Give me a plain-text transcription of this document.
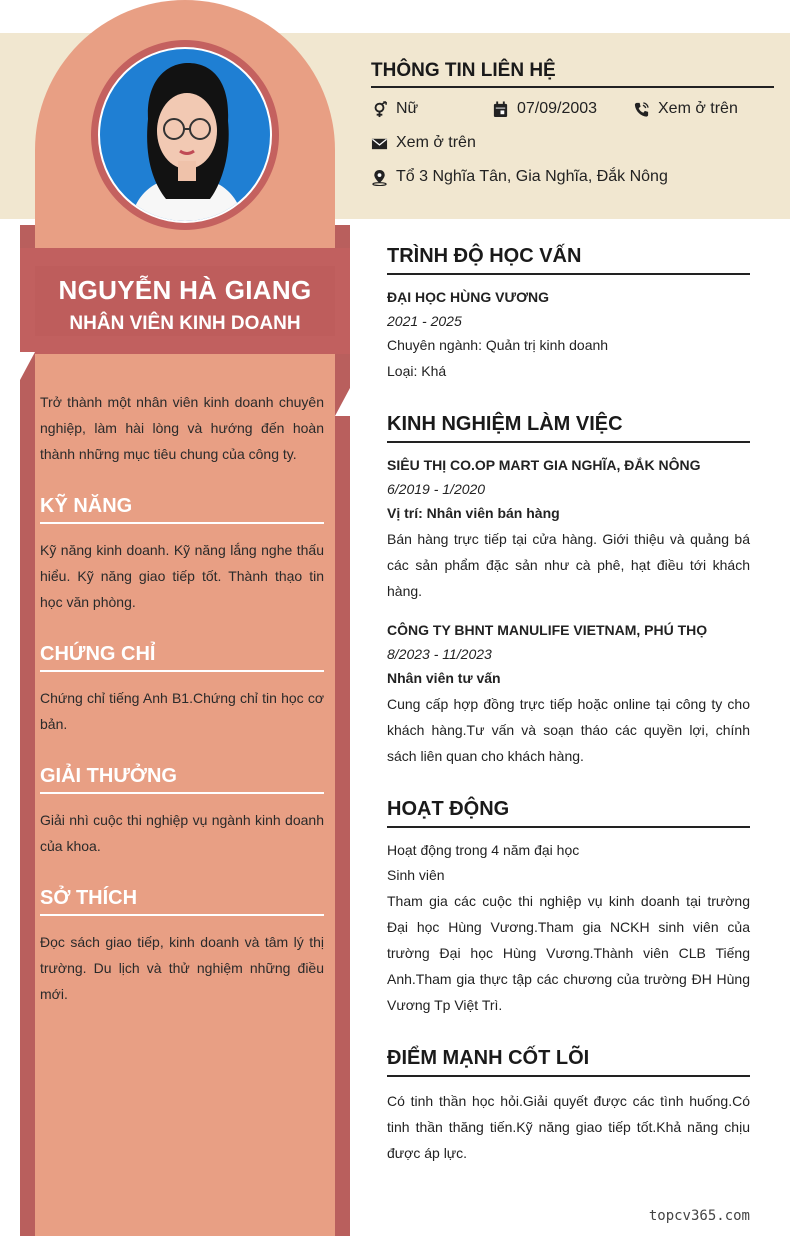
NGUYỄN HÀ GIANG
NHÂN VIÊN KINH DOANH
Trở thành một nhân viên kinh doanh chuyên nghiệp, làm hài lòng và hướng đến hoàn thành những mục tiêu chung của công ty.
KỸ NĂNG
Kỹ năng kinh doanh. Kỹ năng lắng nghe thấu hiểu. Kỹ năng giao tiếp tốt. Thành thạo tin học văn phòng.
CHỨNG CHỈ
Chứng chỉ tiếng Anh B1.Chứng chỉ tin học cơ bản.
GIẢI THƯỞNG
Giải nhì cuộc thi nghiệp vụ ngành kinh doanh của khoa.
SỞ THÍCH
Đọc sách giao tiếp, kinh doanh và tâm lý thị trường. Du lịch và thử nghiệm những điều mới.
THÔNG TIN LIÊN HỆ
Nữ	07/09/2003	Xem ở trên
Xem ở trên
Tổ 3 Nghĩa Tân, Gia Nghĩa, Đắk Nông
TRÌNH ĐỘ HỌC VẤN
ĐẠI HỌC HÙNG VƯƠNG
2021 - 2025
Chuyên ngành: Quản trị kinh doanh
Loại: Khá
KINH NGHIỆM LÀM VIỆC
SIÊU THỊ CO.OP MART GIA NGHĨA, ĐẮK NÔNG
6/2019 - 1/2020
Vị trí: Nhân viên bán hàng
Bán hàng trực tiếp tại cửa hàng. Giới thiệu và quảng bá các sản phẩm đặc sản như cà phê, hạt điều tới khách hàng.
CÔNG TY BHNT MANULIFE VIETNAM, PHÚ THỌ
8/2023 - 11/2023
Nhân viên tư vấn
Cung cấp hợp đồng trực tiếp hoặc online tại công ty cho khách hàng.Tư vấn và soạn tháo các quyền lợi, chính sách liên quan cho khách hàng.
HOẠT ĐỘNG
Hoạt động trong 4 năm đại học
Sinh viên
Tham gia các cuộc thi nghiệp vụ kinh doanh tại trường Đại học Hùng Vương.Tham gia NCKH sinh viên của trường Đại học Hùng Vương.Thành viên CLB Tiếng Anh.Tham gia thực tập các chương của trường ĐH Hùng Vương Tp Việt Trì.
ĐIỂM MẠNH CỐT LÕI
Có tinh thần học hỏi.Giải quyết được các tình huống.Có tinh thần thăng tiến.Kỹ năng giao tiếp tốt.Khả năng chịu được áp lực.
topcv365.com
